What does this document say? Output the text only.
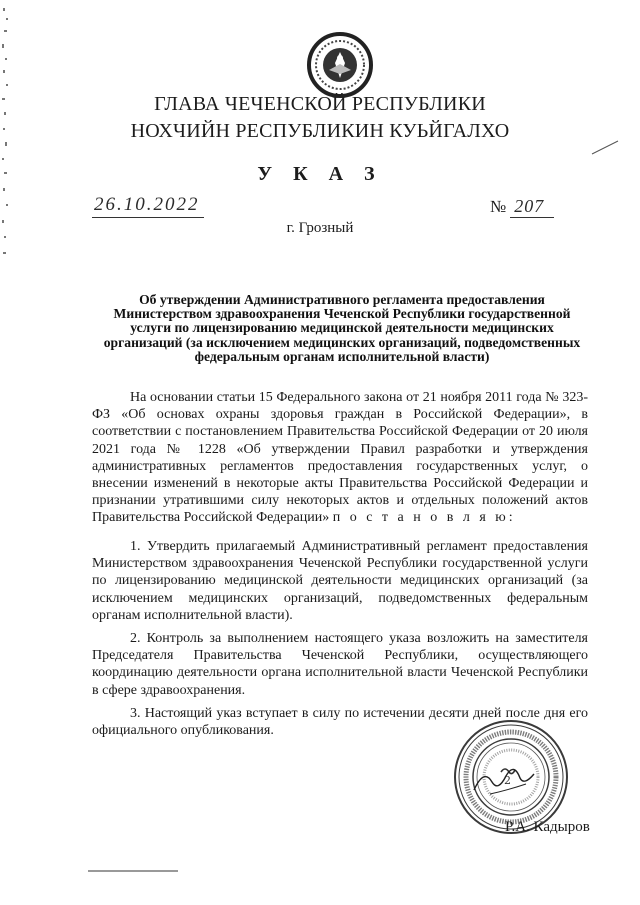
ГЛАВА ЧЕЧЕНСКОЙ РЕСПУБЛИКИ
НОХЧИЙН РЕСПУБЛИКИН КУЬЙГАЛХО
У К А З
26.10.2022	№ 207
г. Грозный
Об утверждении Административного регламента предоставления Министерством здравоохранения Чеченской Республики государственной услуги по лицензированию медицинской деятельности медицинских организаций (за исключением медицинских организаций, подведомственных федеральным органам исполнительной власти)

На основании статьи 15 Федерального закона от 21 ноября 2011 года № 323-ФЗ «Об основах охраны здоровья граждан в Российской Федерации», в соответствии с постановлением Правительства Российской Федерации от 20 июля 2021 года № 1228 «Об утверждении Правил разработки и утверждения административных регламентов предоставления государственных услуг, о внесении изменений в некоторые акты Правительства Российской Федерации и признании утратившими силу некоторых актов и отдельных положений актов Правительства Российской Федерации» п о с т а н о в л я ю:

1. Утвердить прилагаемый Административный регламент предоставления Министерством здравоохранения Чеченской Республики государственной услуги по лицензированию медицинской деятельности медицинских организаций (за исключением медицинских организаций, подведомственных федеральным органам исполнительной власти).

2. Контроль за выполнением настоящего указа возложить на заместителя Председателя Правительства Чеченской Республики, осуществляющего координацию деятельности органа исполнительной власти Чеченской Республики в сфере здравоохранения.

3. Настоящий указ вступает в силу по истечении десяти дней после дня его официального опубликования.

2
Р.А. Кадыров
